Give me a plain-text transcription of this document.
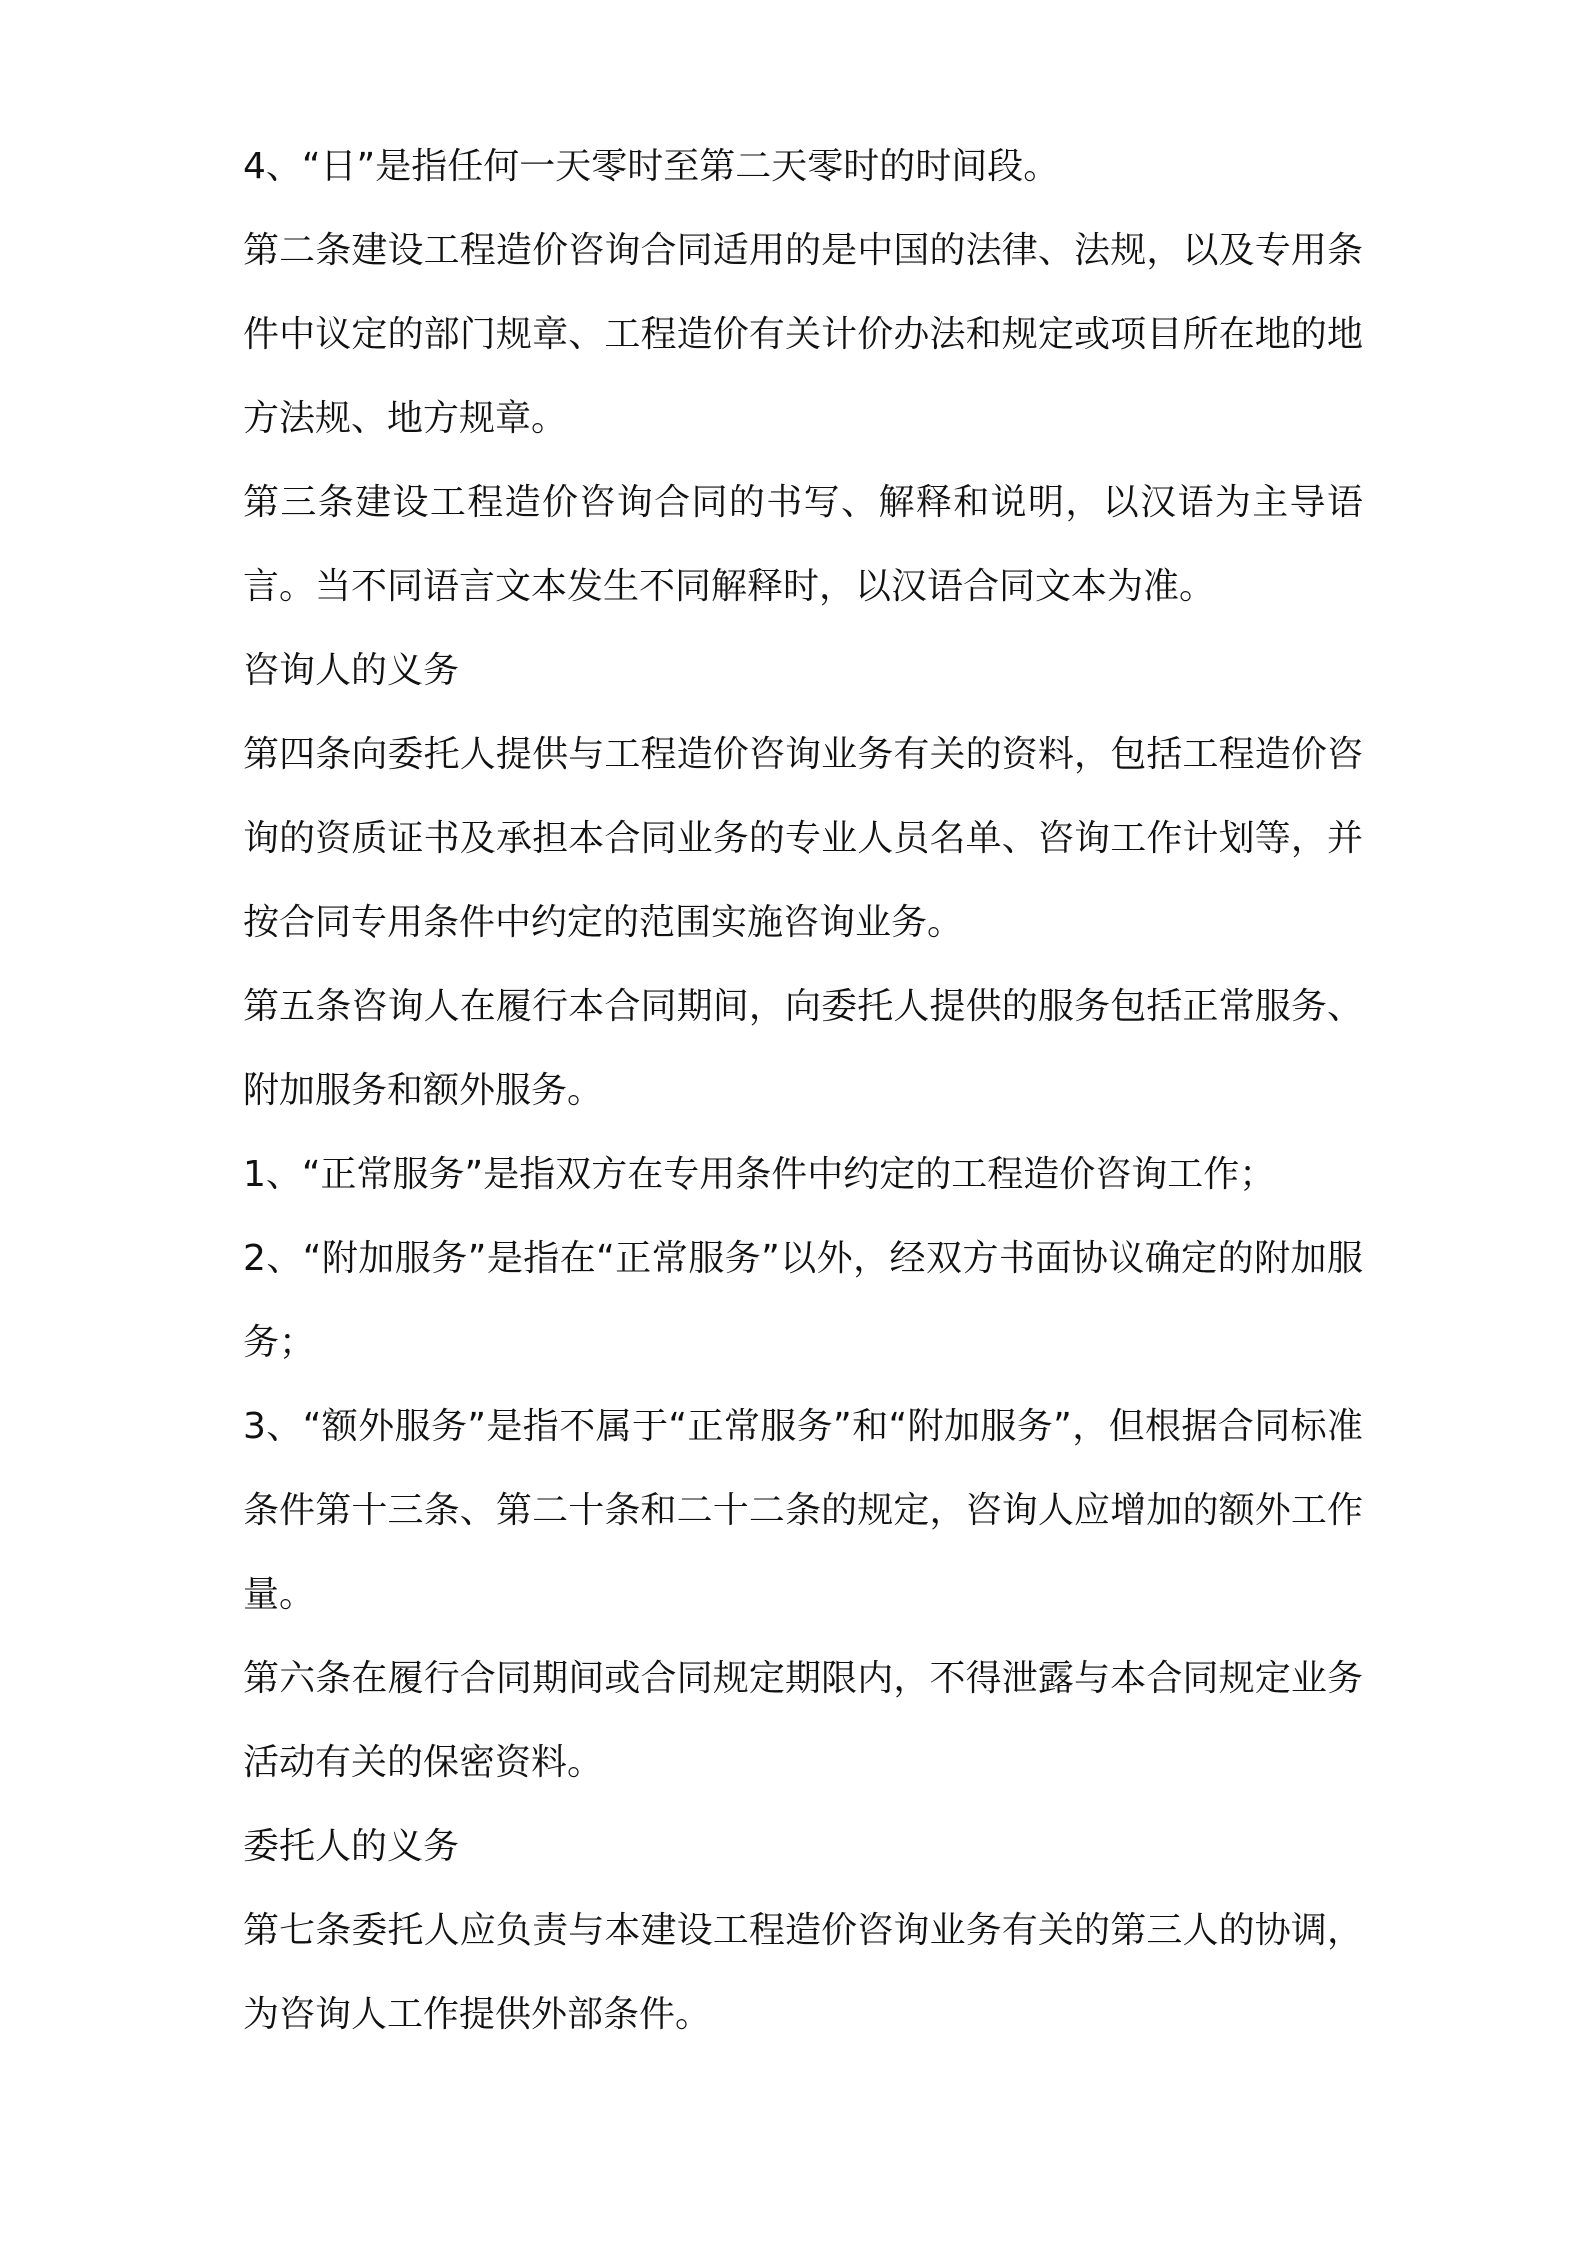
4、“日”是指任何一天零时至第二天零时的时间段。

第二条建设工程造价咨询合同适用的是中国的法律、法规，以及专用条件中议定的部门规章、工程造价有关计价办法和规定或项目所在地的地方法规、地方规章。

第三条建设工程造价咨询合同的书写、解释和说明，以汉语为主导语言。当不同语言文本发生不同解释时，以汉语合同文本为准。

咨询人的义务

第四条向委托人提供与工程造价咨询业务有关的资料，包括工程造价咨询的资质证书及承担本合同业务的专业人员名单、咨询工作计划等，并按合同专用条件中约定的范围实施咨询业务。

第五条咨询人在履行本合同期间，向委托人提供的服务包括正常服务、附加服务和额外服务。

1、“正常服务”是指双方在专用条件中约定的工程造价咨询工作；

2、“附加服务”是指在“正常服务”以外，经双方书面协议确定的附加服务；

3、“额外服务”是指不属于“正常服务”和“附加服务”，但根据合同标准条件第十三条、第二十条和二十二条的规定，咨询人应增加的额外工作量。

第六条在履行合同期间或合同规定期限内，不得泄露与本合同规定业务活动有关的保密资料。

委托人的义务

第七条委托人应负责与本建设工程造价咨询业务有关的第三人的协调，为咨询人工作提供外部条件。
